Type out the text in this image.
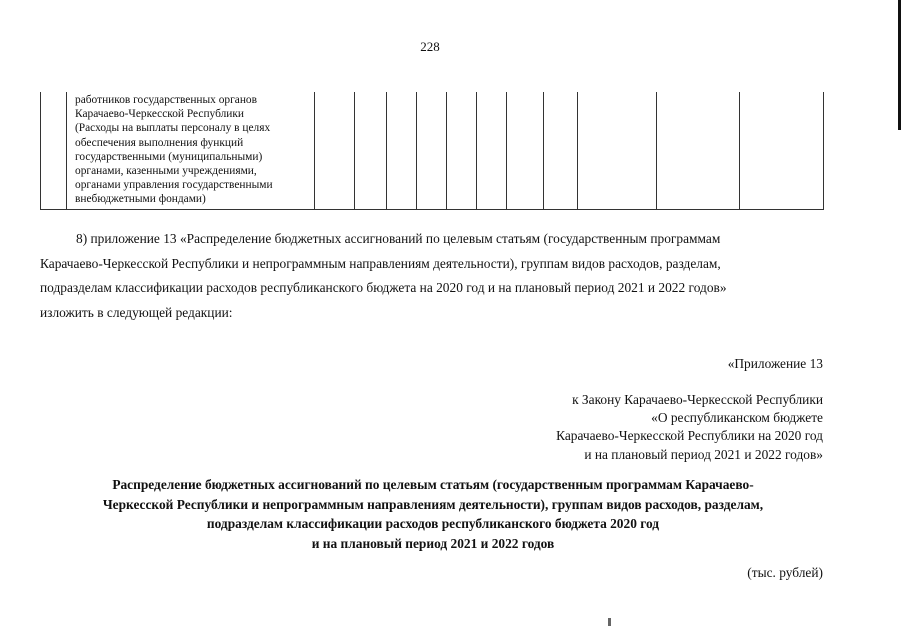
228
работников государственных органов
Карачаево-Черкесской Республики
(Расходы на выплаты персоналу в целях
обеспечения выполнения функций
государственными (муниципальными)
органами, казенными учреждениями,
органами управления государственными
внебюджетными фондами)
8) приложение 13 «Распределение бюджетных ассигнований по целевым статьям (государственным программам
Карачаево-Черкесской Республики и непрограммным направлениям деятельности), группам видов расходов, разделам,
подразделам классификации расходов республиканского бюджета на 2020 год и на плановый период 2021 и 2022 годов»
изложить в следующей редакции:
«Приложение 13
к Закону Карачаево-Черкесской Республики
«О республиканском бюджете
Карачаево-Черкесской Республики на 2020 год
и на плановый период 2021 и 2022 годов»
Распределение бюджетных ассигнований по целевым статьям (государственным программам Карачаево-
Черкесской Республики и непрограммным направлениям деятельности), группам видов расходов, разделам,
подразделам классификации расходов республиканского бюджета 2020 год
и на плановый период 2021 и 2022 годов
(тыс. рублей)
